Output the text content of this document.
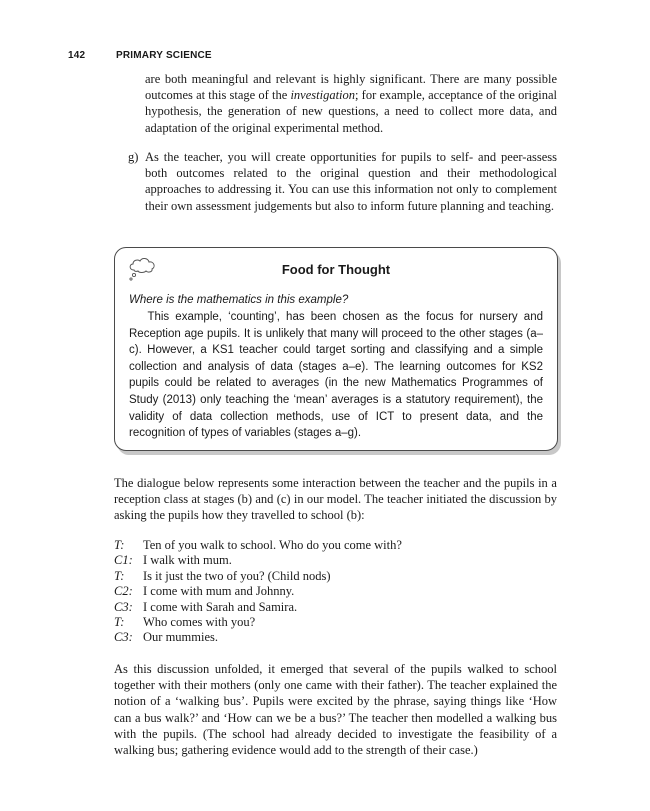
142	PRIMARY SCIENCE
are both meaningful and relevant is highly significant. There are many possible outcomes at this stage of the investigation; for example, acceptance of the original hypothesis, the generation of new questions, a need to collect more data, and adaptation of the original experimental method.
g) As the teacher, you will create opportunities for pupils to self- and peer-assess both outcomes related to the original question and their methodological approaches to addressing it. You can use this information not only to complement their own assessment judgements but also to inform future planning and teaching.
Food for Thought
Where is the mathematics in this example?
This example, ‘counting’, has been chosen as the focus for nursery and Reception age pupils. It is unlikely that many will proceed to the other stages (a–c). However, a KS1 teacher could target sorting and classifying and a simple collection and analysis of data (stages a–e). The learning outcomes for KS2 pupils could be related to averages (in the new Mathematics Programmes of Study (2013) only teaching the ‘mean’ averages is a statutory requirement), the validity of data collection methods, use of ICT to present data, and the recognition of types of variables (stages a–g).
The dialogue below represents some interaction between the teacher and the pupils in a reception class at stages (b) and (c) in our model. The teacher initiated the discussion by asking the pupils how they travelled to school (b):
T:	Ten of you walk to school. Who do you come with?
C1: I walk with mum.
T:	Is it just the two of you? (Child nods)
C2: I come with mum and Johnny.
C3: I come with Sarah and Samira.
T:	Who comes with you?
C3: Our mummies.
As this discussion unfolded, it emerged that several of the pupils walked to school together with their mothers (only one came with their father). The teacher explained the notion of a ‘walking bus’. Pupils were excited by the phrase, saying things like ‘How can a bus walk?’ and ‘How can we be a bus?’ The teacher then modelled a walking bus with the pupils. (The school had already decided to investigate the feasibility of a walking bus; gathering evidence would add to the strength of their case.)
